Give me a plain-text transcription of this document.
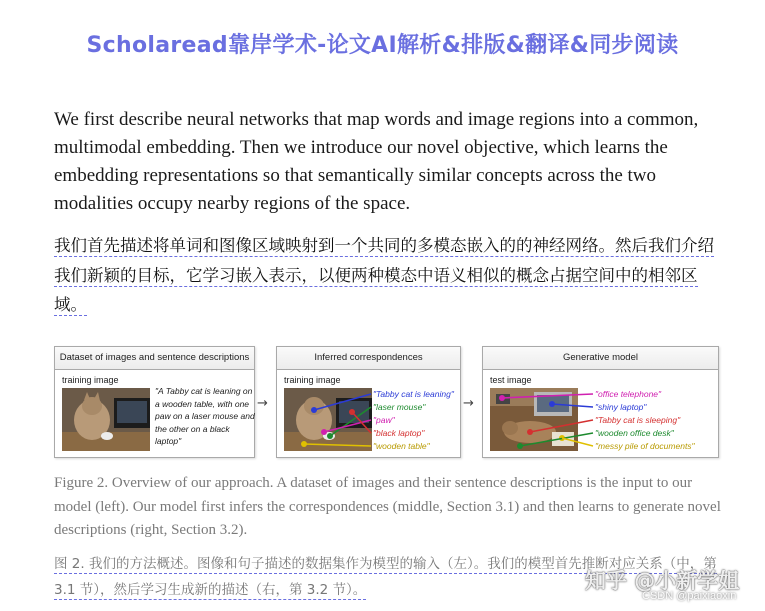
Scholaread靠岸学术-论文AI解析&排版&翻译&同步阅读
We first describe neural networks that map words and image regions into a common, multimodal embedding. Then we introduce our novel objective, which learns the embedding representations so that semantically similar concepts across the two modalities occupy nearby regions of the space.
我们首先描述将单词和图像区域映射到一个共同的多模态嵌入的的神经网络。然后我们介绍我们新颖的目标，它学习嵌入表示，以便两种模态中语义相似的概念占据空间中的相邻区域。
Dataset of images and sentence descriptions
training image
"A Tabby cat is leaning on a wooden table, with one paw on a laser mouse and the other on a black laptop"
→
Inferred correspondences
training image
"Tabby cat is leaning"
"laser mouse"
"paw"
"black laptop"
"wooden table"
→
Generative model
test image
"office telephone"
"shiny laptop"
"Tabby cat is sleeping"
"wooden office desk"
"messy pile of documents"
Figure 2. Overview of our approach. A dataset of images and their sentence descriptions is the input to our model (left). Our model first infers the correspondences (middle, Section 3.1) and then learns to generate novel descriptions (right, Section 3.2).
图 2. 我们的方法概述。图像和句子描述的数据集作为模型的输入（左）。我们的模型首先推断对应关系（中，第 3.1 节），然后学习生成新的描述（右，第 3.2 节）。	知乎 @小新学姐
CSDN @paixiaoxin
